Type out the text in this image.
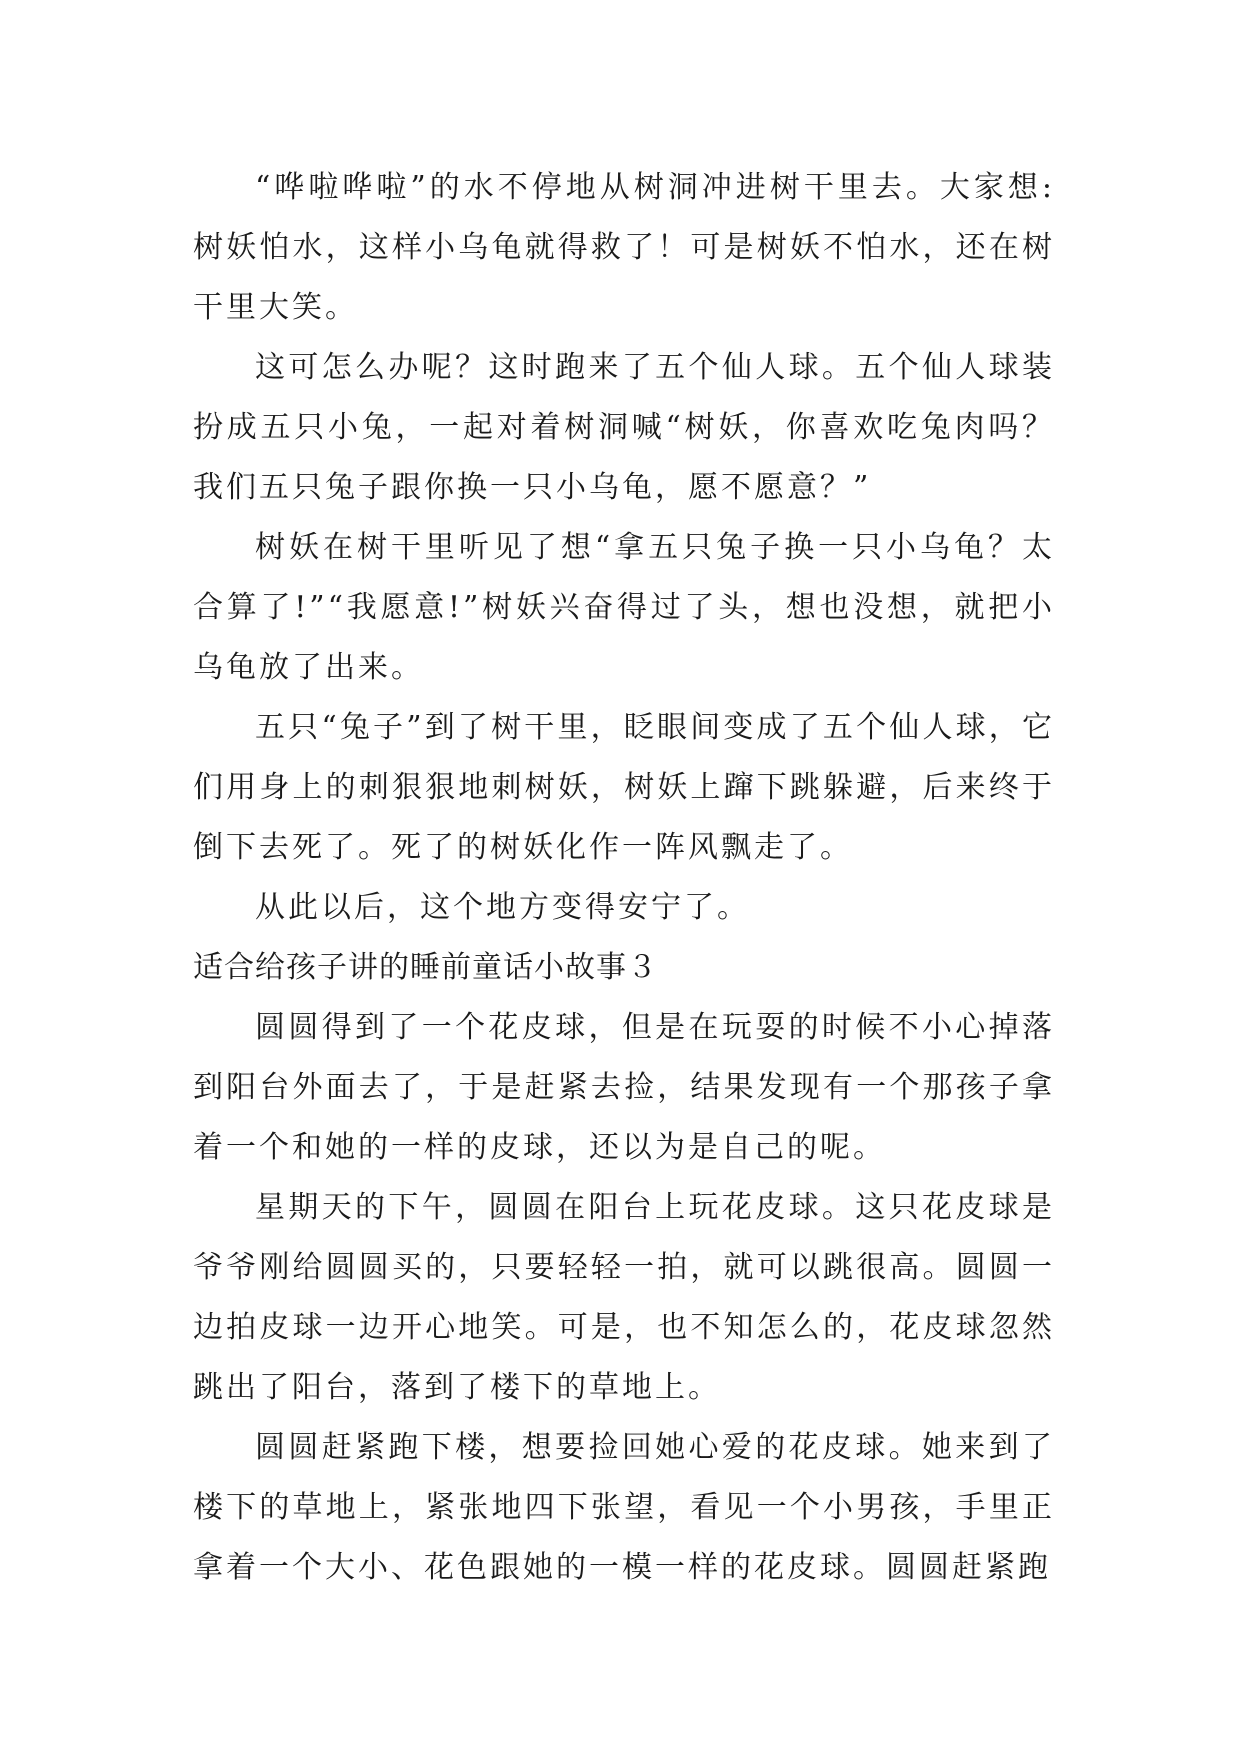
“哗啦哗啦”的水不停地从树洞冲进树干里去。大家想:树妖怕水，这样小乌龟就得救了！可是树妖不怕水，还在树干里大笑。

这可怎么办呢？这时跑来了五个仙人球。五个仙人球装扮成五只小兔，一起对着树洞喊“树妖，你喜欢吃兔肉吗？我们五只兔子跟你换一只小乌龟，愿不愿意？”

树妖在树干里听见了想“拿五只兔子换一只小乌龟？太合算了!”“我愿意!”树妖兴奋得过了头，想也没想，就把小乌龟放了出来。

五只“兔子”到了树干里，眨眼间变成了五个仙人球，它们用身上的刺狠狠地刺树妖，树妖上蹿下跳躲避，后来终于倒下去死了。死了的树妖化作一阵风飘走了。

从此以后，这个地方变得安宁了。

适合给孩子讲的睡前童话小故事３

圆圆得到了一个花皮球，但是在玩耍的时候不小心掉落到阳台外面去了，于是赶紧去捡，结果发现有一个那孩子拿着一个和她的一样的皮球，还以为是自己的呢。

星期天的下午，圆圆在阳台上玩花皮球。这只花皮球是爷爷刚给圆圆买的，只要轻轻一拍，就可以跳很高。圆圆一边拍皮球一边开心地笑。可是，也不知怎么的，花皮球忽然跳出了阳台，落到了楼下的草地上。

圆圆赶紧跑下楼，想要捡回她心爱的花皮球。她来到了楼下的草地上，紧张地四下张望，看见一个小男孩，手里正拿着一个大小、花色跟她的一模一样的花皮球。圆圆赶紧跑
